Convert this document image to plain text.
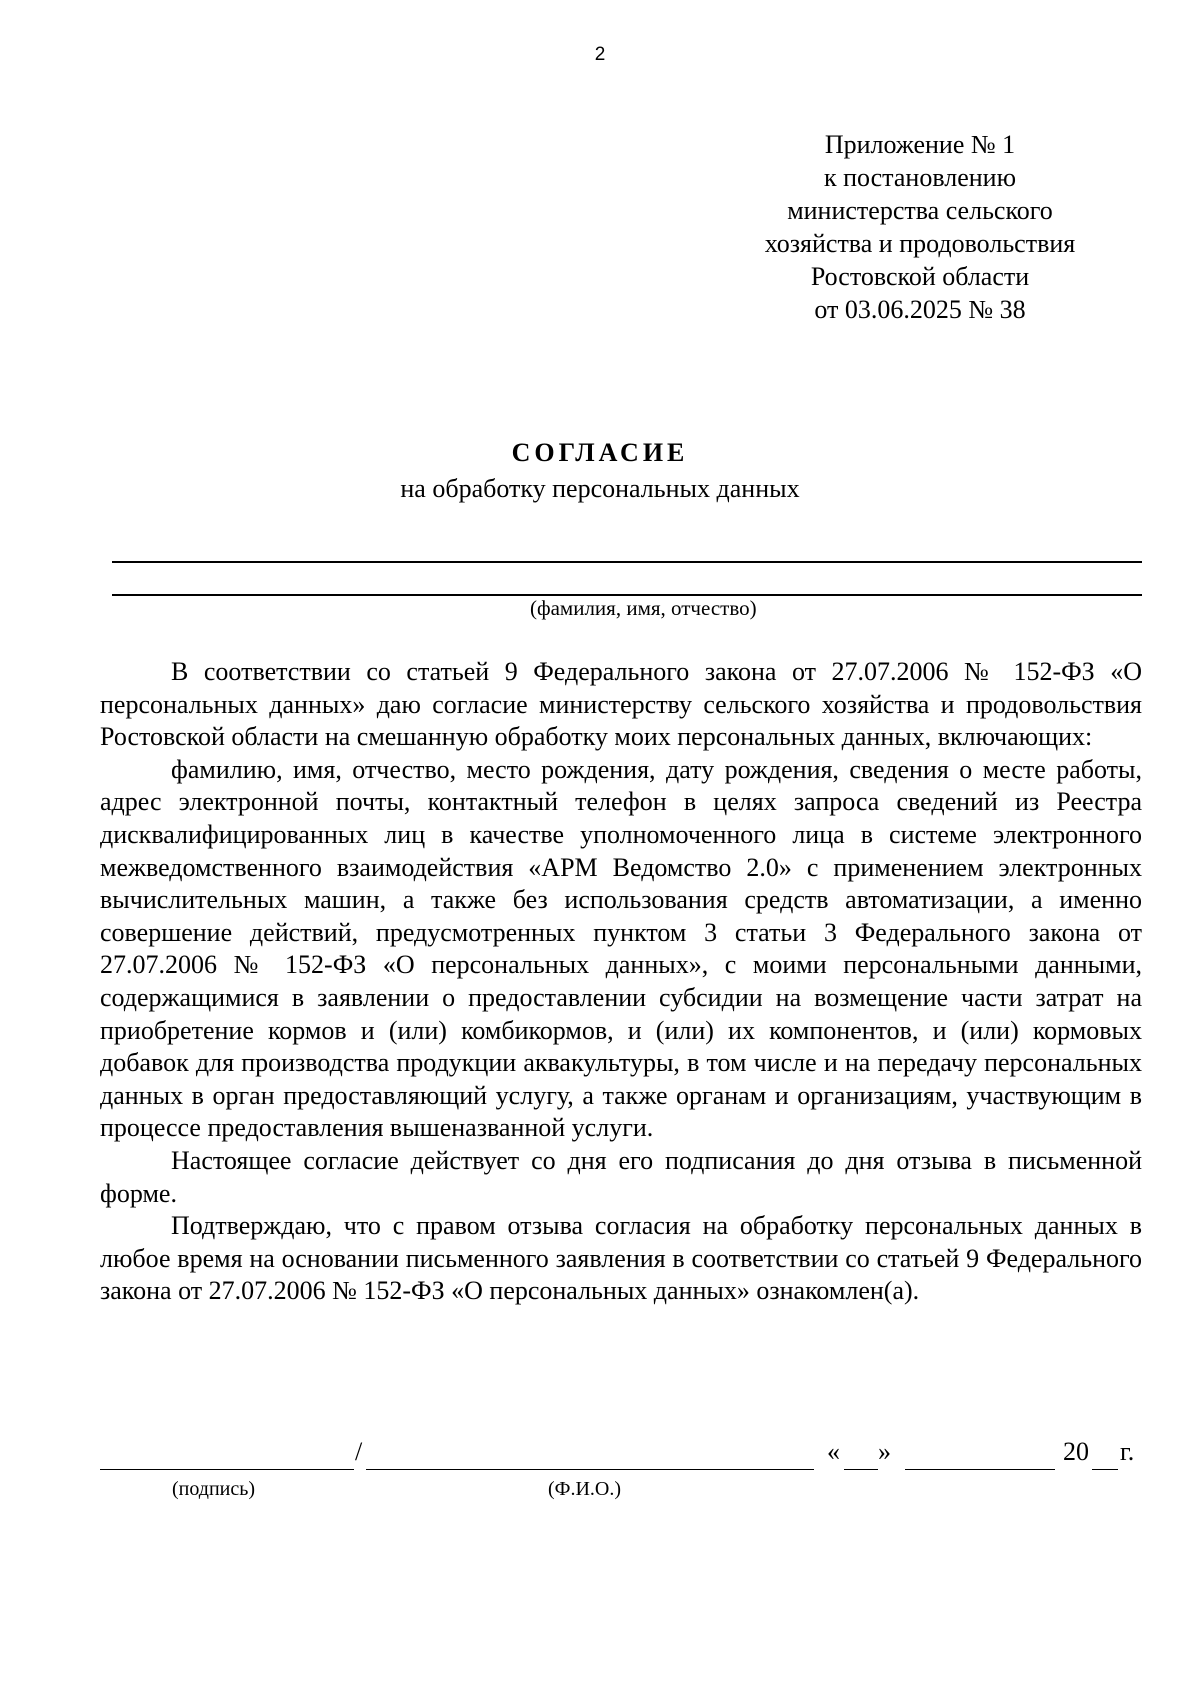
2
Приложение № 1
к постановлению
министерства сельского
хозяйства и продовольствия
Ростовской области
от 03.06.2025 № 38
СОГЛАСИЕ
на обработку персональных данных
(фамилия, имя, отчество)

В соответствии со статьей 9 Федерального закона от 27.07.2006 № 152-ФЗ «О персональных данных» даю согласие министерству сельского хозяйства и продовольствия Ростовской области на смешанную обработку моих персональных данных, включающих:

фамилию, имя, отчество, место рождения, дату рождения, сведения о месте работы, адрес электронной почты, контактный телефон в целях запроса сведений из Реестра дисквалифицированных лиц в качестве уполномоченного лица в системе электронного межведомственного взаимодействия «АРМ Ведомство 2.0» с применением электронных вычислительных машин, а также без использования средств автоматизации, а именно совершение действий, предусмотренных пунктом 3 статьи 3 Федерального закона от 27.07.2006 № 152-ФЗ «О персональных данных», с моими персональными данными, содержащимися в заявлении о предоставлении субсидии на возмещение части затрат на приобретение кормов и (или) комбикормов, и (или) их компонентов, и (или) кормовых добавок для производства продукции аквакультуры, в том числе и на передачу персональных данных в орган предоставляющий услугу, а также органам и организациям, участвующим в процессе предоставления вышеназванной услуги.

Настоящее согласие действует со дня его подписания до дня отзыва в письменной форме.

Подтверждаю, что с правом отзыва согласия на обработку персональных данных в любое время на основании письменного заявления в соответствии со статьей 9 Федерального закона от 27.07.2006 № 152-ФЗ «О персональных данных» ознакомлен(а).

/	« »	20 г.
(подпись)	(Ф.И.О.)
